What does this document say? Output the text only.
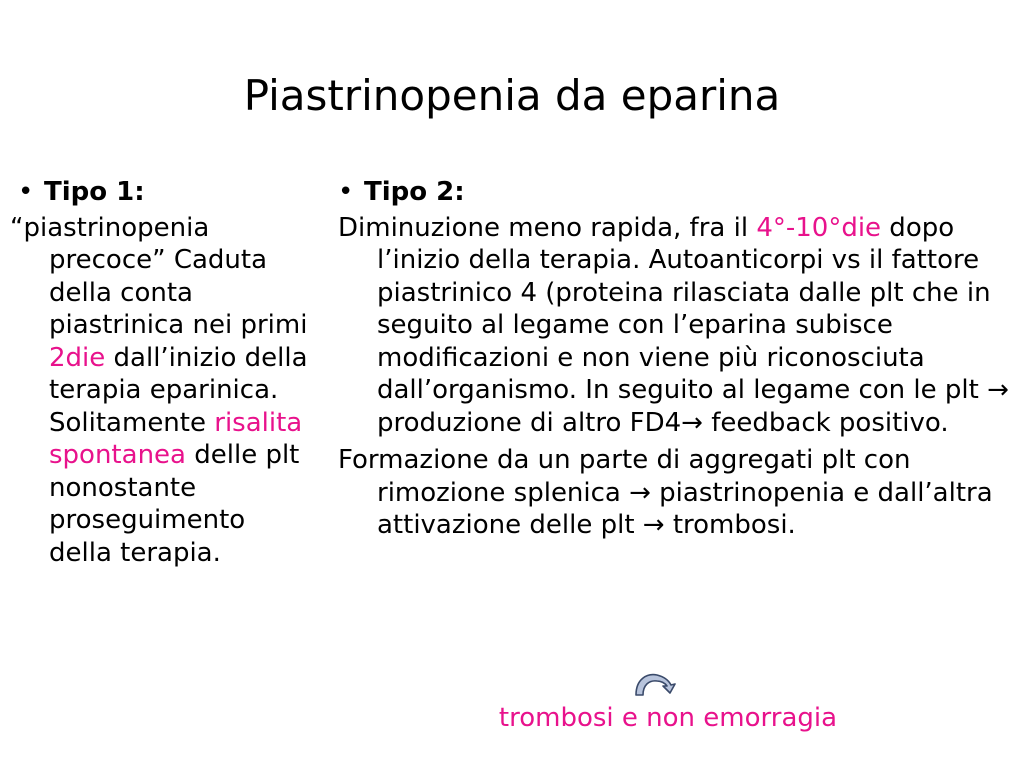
Piastrinopenia da eparina
• Tipo 1:

“piastrinopenia precoce” Caduta della conta piastrinica nei primi 2die dall’inizio della terapia eparinica. Solitamente risalita spontanea delle plt nonostante proseguimento della terapia.

• Tipo 2:

Diminuzione meno rapida, fra il 4°-10°die dopo l’inizio della terapia. Autoanticorpi vs il fattore piastrinico 4 (proteina rilasciata dalle plt che in seguito al legame con l’eparina subisce modificazioni e non viene più riconosciuta dall’organismo. In seguito al legame con le plt → produzione di altro FD4→ feedback positivo.

Formazione da un parte di aggregati plt con rimozione splenica → piastrinopenia e dall’altra attivazione delle plt → trombosi.

trombosi e non emorragia
